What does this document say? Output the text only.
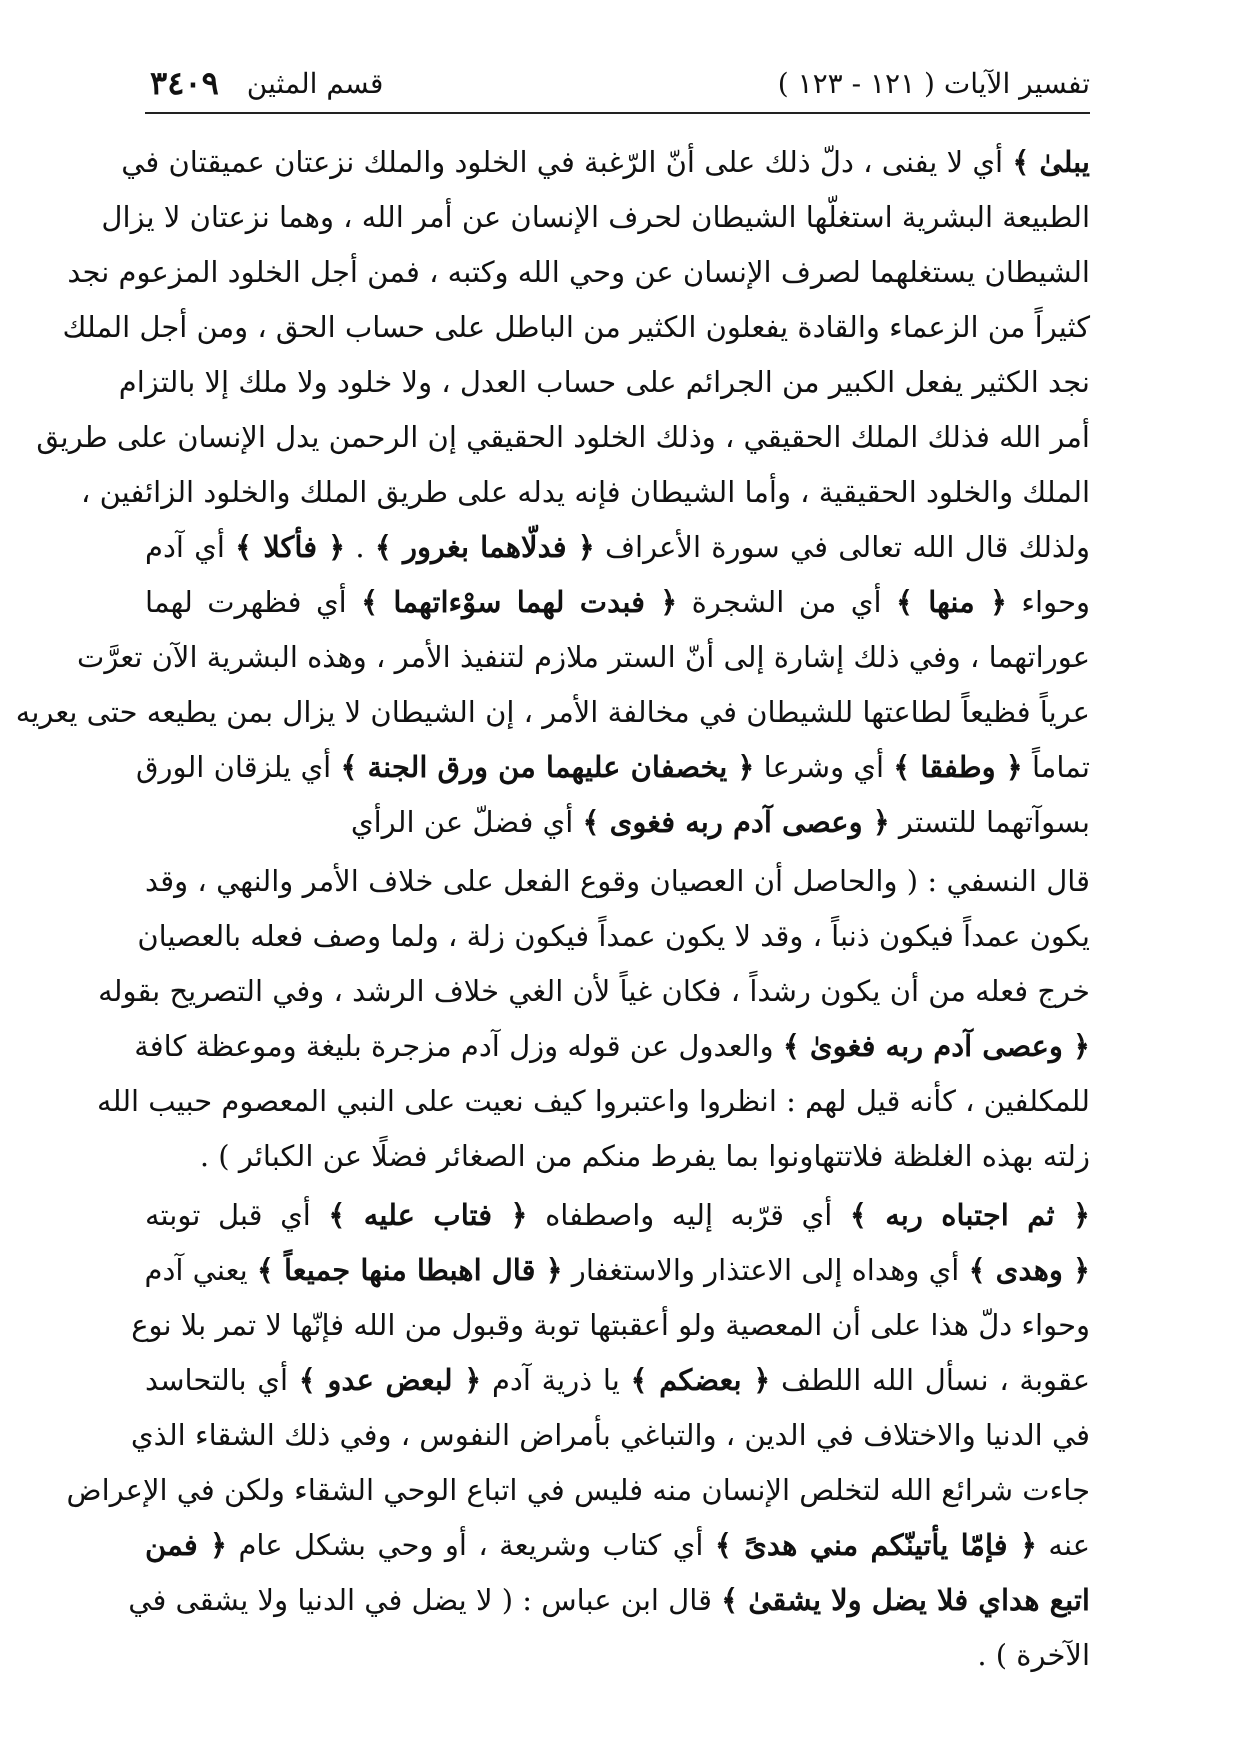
تفسير الآيات ( ١٢١ - ١٢٣ )
قسم المثين
٣٤٠٩
يبلىٰ ﴾ أي لا يفنى ، دلّ ذلك على أنّ الرّغبة في الخلود والملك نزعتان عميقتان في
الطبيعة البشرية استغلّها الشيطان لحرف الإنسان عن أمر الله ، وهما نزعتان لا يزال
الشيطان يستغلهما لصرف الإنسان عن وحي الله وكتبه ، فمن أجل الخلود المزعوم نجد
كثيراً من الزعماء والقادة يفعلون الكثير من الباطل على حساب الحق ، ومن أجل الملك
نجد الكثير يفعل الكبير من الجرائم على حساب العدل ، ولا خلود ولا ملك إلا بالتزام
أمر الله فذلك الملك الحقيقي ، وذلك الخلود الحقيقي إن الرحمن يدل الإنسان على طريق
الملك والخلود الحقيقية ، وأما الشيطان فإنه يدله على طريق الملك والخلود الزائفين ،
ولذلك قال الله تعالى في سورة الأعراف ﴿ فدلّاهما بغرور ﴾ . ﴿ فأكلا ﴾ أي آدم
وحواء ﴿ منها ﴾ أي من الشجرة ﴿ فبدت لهما سوْءاتهما ﴾ أي فظهرت لهما
عوراتهما ، وفي ذلك إشارة إلى أنّ الستر ملازم لتنفيذ الأمر ، وهذه البشرية الآن تعرَّت
عرياً فظيعاً لطاعتها للشيطان في مخالفة الأمر ، إن الشيطان لا يزال بمن يطيعه حتى يعريه
تماماً ﴿ وطفقا ﴾ أي وشرعا ﴿ يخصفان عليهما من ورق الجنة ﴾ أي يلزقان الورق
بسوآتهما للتستر ﴿ وعصى آدم ربه فغوى ﴾ أي فضلّ عن الرأي
قال النسفي : ( والحاصل أن العصيان وقوع الفعل على خلاف الأمر والنهي ، وقد
يكون عمداً فيكون ذنباً ، وقد لا يكون عمداً فيكون زلة ، ولما وصف فعله بالعصيان
خرج فعله من أن يكون رشداً ، فكان غياً لأن الغي خلاف الرشد ، وفي التصريح بقوله
﴿ وعصى آدم ربه فغوىٰ ﴾ والعدول عن قوله وزل آدم مزجرة بليغة وموعظة كافة
للمكلفين ، كأنه قيل لهم : انظروا واعتبروا كيف نعيت على النبي المعصوم حبيب الله
زلته بهذه الغلظة فلاتتهاونوا بما يفرط منكم من الصغائر فضلًا عن الكبائر ) .
﴿ ثم اجتباه ربه ﴾ أي قرّبه إليه واصطفاه ﴿ فتاب عليه ﴾ أي قبل توبته
﴿ وهدى ﴾ أي وهداه إلى الاعتذار والاستغفار ﴿ قال اهبطا منها جميعاً ﴾ يعني آدم
وحواء دلّ هذا على أن المعصية ولو أعقبتها توبة وقبول من الله فإنّها لا تمر بلا نوع
عقوبة ، نسأل الله اللطف ﴿ بعضكم ﴾ يا ذرية آدم ﴿ لبعض عدو ﴾ أي بالتحاسد
في الدنيا والاختلاف في الدين ، والتباغي بأمراض النفوس ، وفي ذلك الشقاء الذي
جاءت شرائع الله لتخلص الإنسان منه فليس في اتباع الوحي الشقاء ولكن في الإعراض
عنه ﴿ فإمّا يأتينّكم مني هدىً ﴾ أي كتاب وشريعة ، أو وحي بشكل عام ﴿ فمن
اتبع هداي فلا يضل ولا يشقىٰ ﴾ قال ابن عباس : ( لا يضل في الدنيا ولا يشقى في
الآخرة ) .
